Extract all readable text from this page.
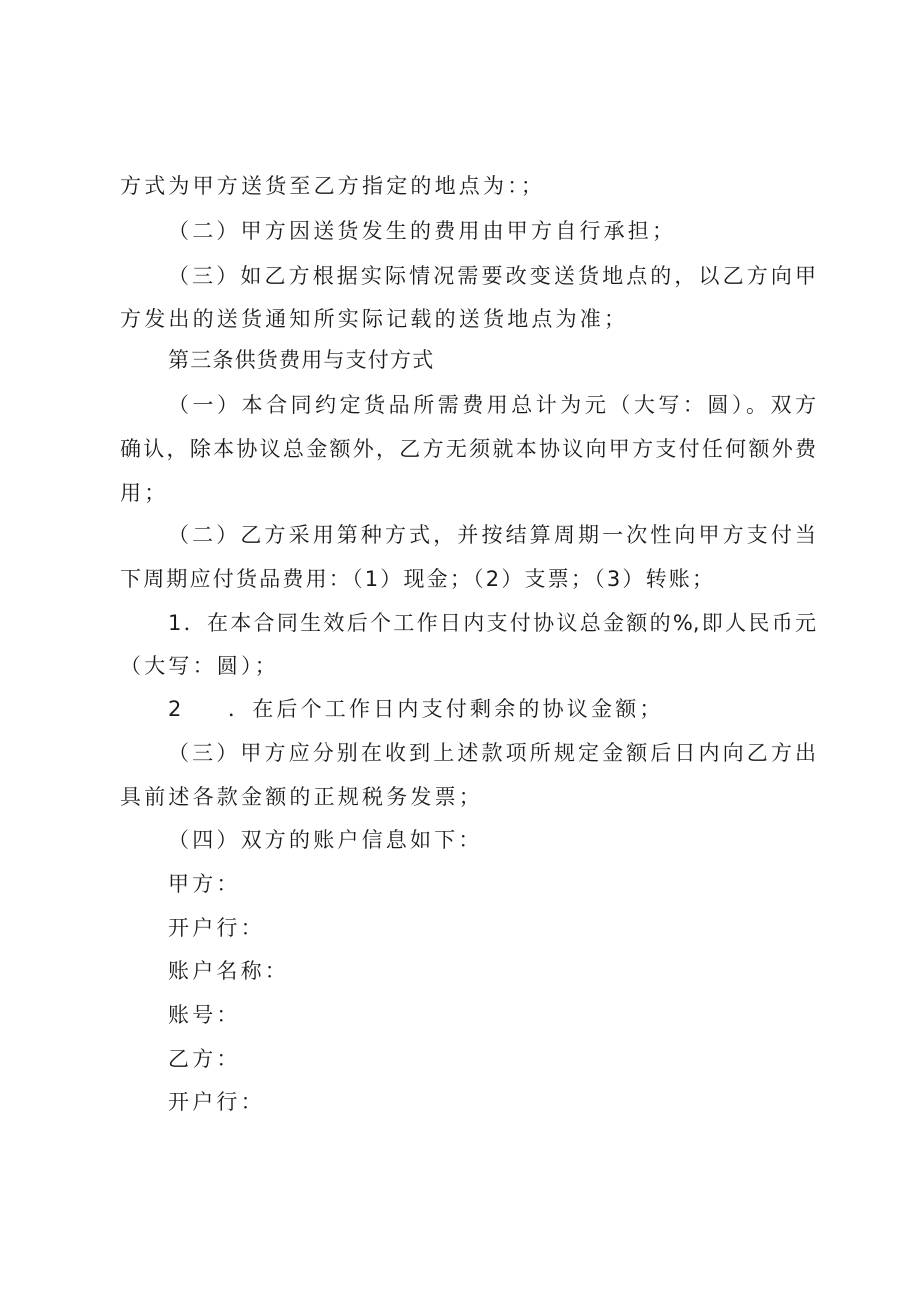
方式为甲方送货至乙方指定的地点为：；

（二）甲方因送货发生的费用由甲方自行承担；

（三）如乙方根据实际情况需要改变送货地点的，以乙方向甲

方发出的送货通知所实际记载的送货地点为准；

第三条供货费用与支付方式

（一）本合同约定货品所需费用总计为元（大写：圆）。双方

确认，除本协议总金额外，乙方无须就本协议向甲方支付任何额外费

用；

（二）乙方采用第种方式，并按结算周期一次性向甲方支付当

下周期应付货品费用：（1）现金；（2）支票；（3）转账；

1．在本合同生效后个工作日内支付协议总金额的%,即人民币元

（大写：圆）；

2 ．在后个工作日内支付剩余的协议金额；

（三）甲方应分别在收到上述款项所规定金额后日内向乙方出

具前述各款金额的正规税务发票；

（四）双方的账户信息如下：

甲方：

开户行：

账户名称：

账号：

乙方：

开户行：
